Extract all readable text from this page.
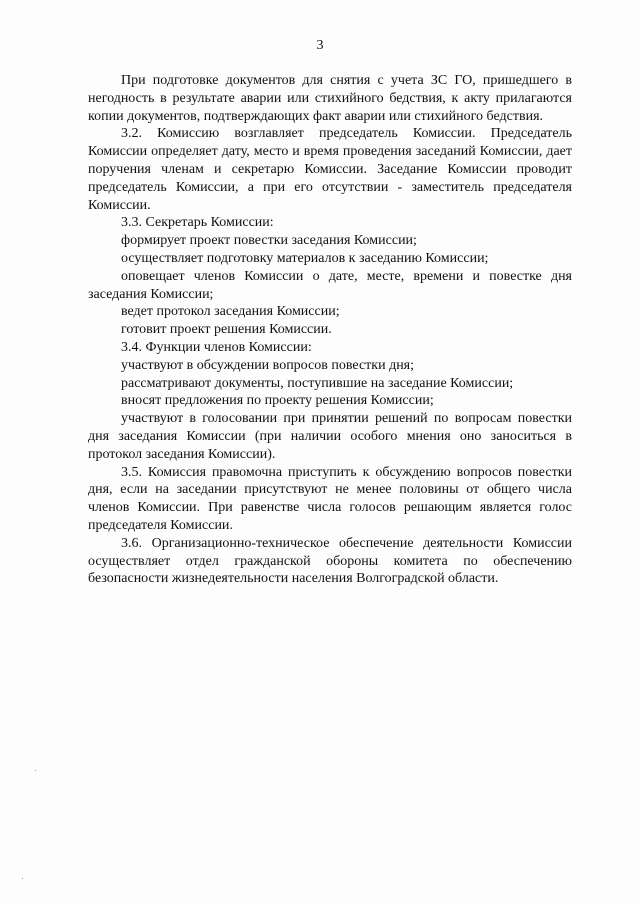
3

При подготовке документов для снятия с учета ЗС ГО, пришедшего в негодность в результате аварии или стихийного бедствия, к акту прилагаются копии документов, подтверждающих факт аварии или стихийного бедствия.

3.2. Комиссию возглавляет председатель Комиссии. Председатель Комиссии определяет дату, место и время проведения заседаний Комиссии, дает поручения членам и секретарю Комиссии. Заседание Комиссии проводит председатель Комиссии, а при его отсутствии - заместитель председателя Комиссии.

3.3. Секретарь Комиссии:

формирует проект повестки заседания Комиссии;

осуществляет подготовку материалов к заседанию Комиссии;

оповещает членов Комиссии о дате, месте, времени и повестке дня заседания Комиссии;

ведет протокол заседания Комиссии;

готовит проект решения Комиссии.

3.4. Функции членов Комиссии:

участвуют в обсуждении вопросов повестки дня;

рассматривают документы, поступившие на заседание Комиссии;

вносят предложения по проекту решения Комиссии;

участвуют в голосовании при принятии решений по вопросам повестки дня заседания Комиссии (при наличии особого мнения оно заноситься в протокол заседания Комиссии).

3.5. Комиссия правомочна приступить к обсуждению вопросов повестки дня, если на заседании присутствуют не менее половины от общего числа членов Комиссии. При равенстве числа голосов решающим является голос председателя Комиссии.

3.6. Организационно-техническое обеспечение деятельности Комиссии осуществляет отдел гражданской обороны комитета по обеспечению безопасности жизнедеятельности населения Волгоградской области.
